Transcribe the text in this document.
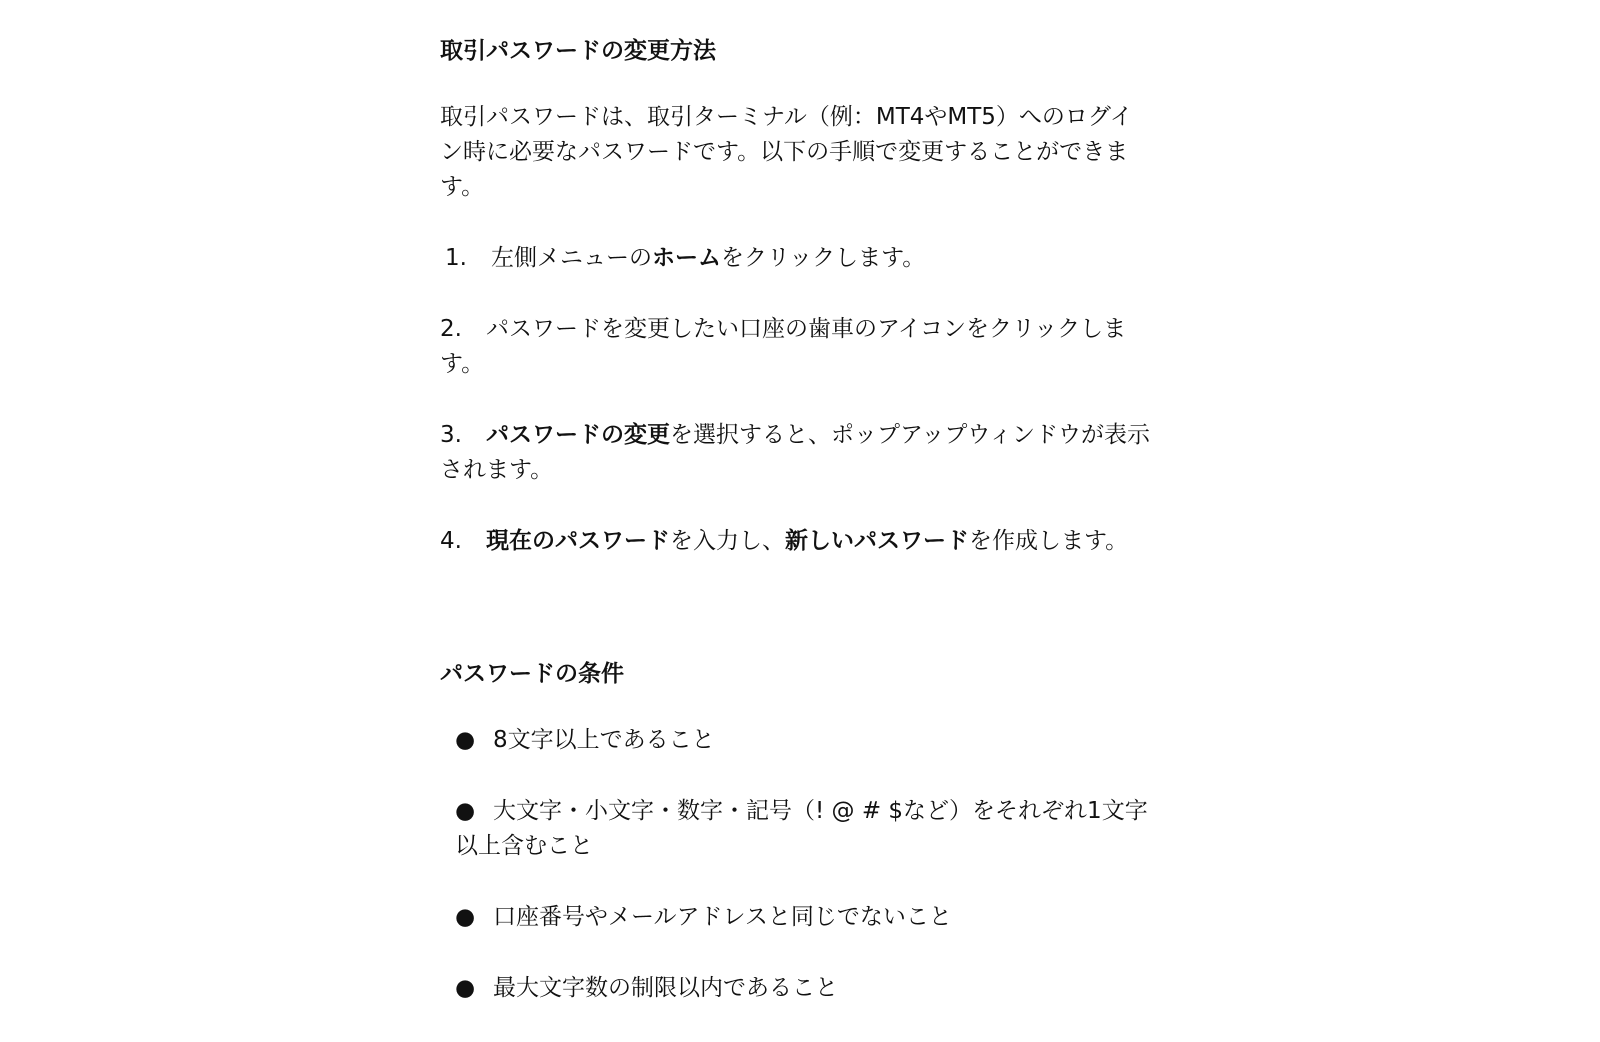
取引パスワードの変更方法

取引パスワードは、取引ターミナル（例：MT4やMT5）へのログイン時に必要なパスワードです。以下の手順で変更することができます。

1. 左側メニューのホームをクリックします。
2. パスワードを変更したい口座の歯車のアイコンをクリックします。
3. パスワードの変更を選択すると、ポップアップウィンドウが表示されます。
4. 現在のパスワードを入力し、新しいパスワードを作成します。
パスワードの条件
● 8文字以上であること
● 大文字・小文字・数字・記号（! @ # $など）をそれぞれ1文字以上含むこと
● 口座番号やメールアドレスと同じでないこと
● 最大文字数の制限以内であること
